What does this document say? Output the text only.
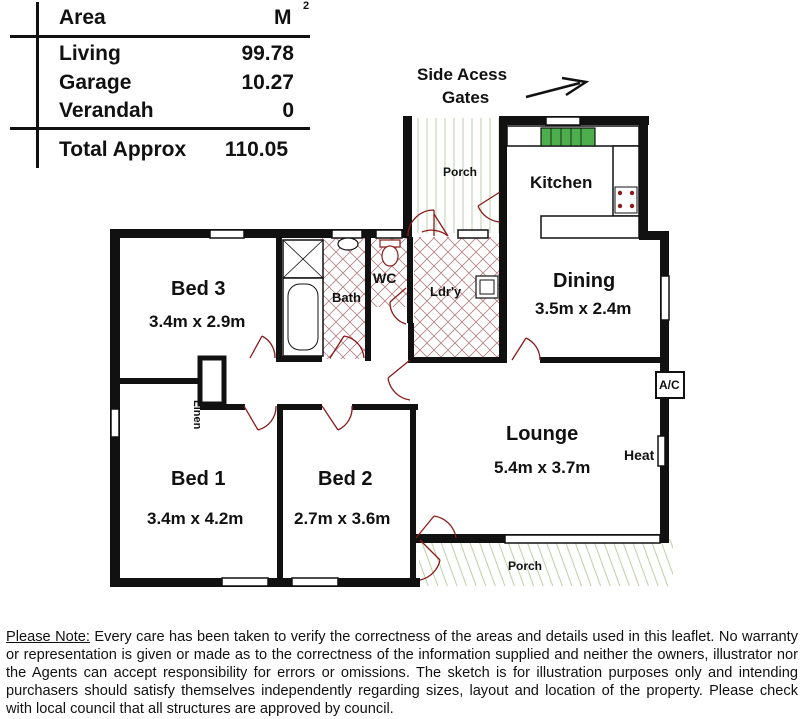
Area	M 2
Living	99.78
Garage	10.27
Verandah	0
Total Approx	110.05
Side Acess
Gates
Porch
Kitchen
Dining
3.5m x 2.4m
Bed 3
3.4m x 2.9m
Bath
WC
Ldr'y
Linen
A/C
Lounge
5.4m x 3.7m
Heat
Bed 1
3.4m x 4.2m
Bed 2
2.7m x 3.6m
Porch
Please Note: Every care has been taken to verify the correctness of the areas and details used in this leaflet. No warranty or representation is given or made as to the correctness of the information supplied and neither the owners, illustrator nor the Agents can accept responsibility for errors or omissions. The sketch is for illustration purposes only and intending purchasers should satisfy themselves independently regarding sizes, layout and location of the property. Please check with local council that all structures are approved by council.
